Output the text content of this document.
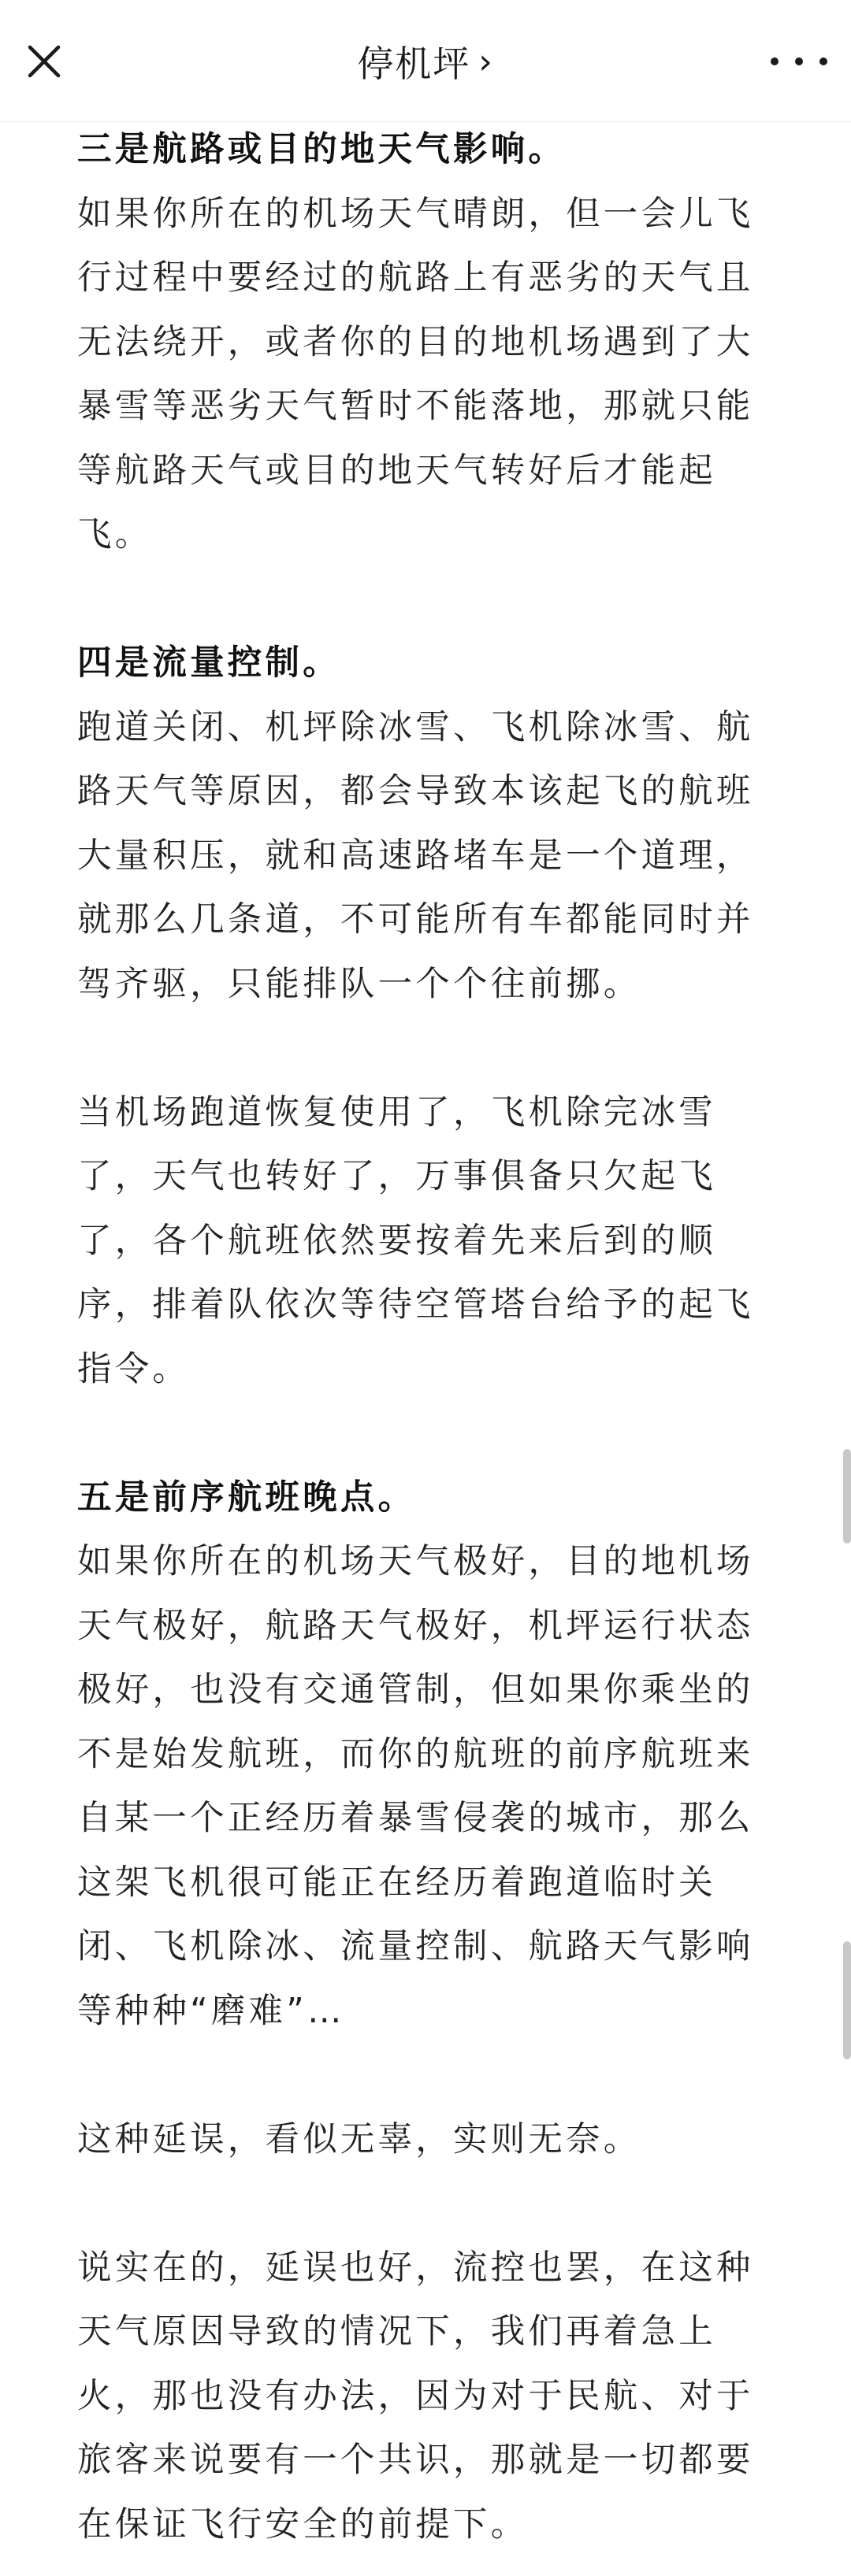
停机坪 ›
三是航路或目的地天气影响。
如果你所在的机场天气晴朗，但一会儿飞行过程中要经过的航路上有恶劣的天气且无法绕开，或者你的目的地机场遇到了大暴雪等恶劣天气暂时不能落地，那就只能等航路天气或目的地天气转好后才能起飞。
四是流量控制。
跑道关闭、机坪除冰雪、飞机除冰雪、航路天气等原因，都会导致本该起飞的航班大量积压，就和高速路堵车是一个道理，就那么几条道，不可能所有车都能同时并驾齐驱，只能排队一个个往前挪。
当机场跑道恢复使用了，飞机除完冰雪了，天气也转好了，万事俱备只欠起飞了，各个航班依然要按着先来后到的顺序，排着队依次等待空管塔台给予的起飞指令。
五是前序航班晚点。
如果你所在的机场天气极好，目的地机场天气极好，航路天气极好，机坪运行状态极好，也没有交通管制，但如果你乘坐的不是始发航班，而你的航班的前序航班来自某一个正经历着暴雪侵袭的城市，那么这架飞机很可能正在经历着跑道临时关闭、飞机除冰、流量控制、航路天气影响等种种“磨难”…
这种延误，看似无辜，实则无奈。
说实在的，延误也好，流控也罢，在这种天气原因导致的情况下，我们再着急上火，那也没有办法，因为对于民航、对于旅客来说要有一个共识，那就是一切都要在保证飞行安全的前提下。
